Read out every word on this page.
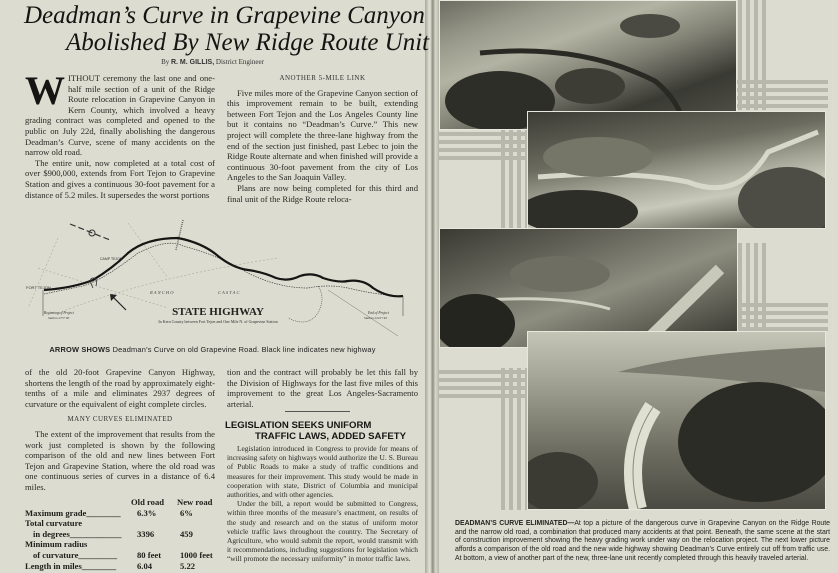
Deadman’s Curve in Grapevine Canyon
Abolished By New Ridge Route Unit
By R. M. GILLIS, District Engineer

WITHOUT ceremony the last one and one-half mile section of a unit of the Ridge Route relocation in Grapevine Canyon in Kern County, which involved a heavy grading contract was completed and opened to the public on July 22d, finally abolishing the dangerous Deadman’s Curve, scene of many accidents on the narrow old road.

The entire unit, now completed at a total cost of over $900,000, extends from Fort Tejon to Grapevine Station and gives a continuous 30-foot pavement for a distance of 5.2 miles. It supersedes the worst portions

ANOTHER 5-MILE LINK

Five miles more of the Grapevine Canyon section of this improvement remain to be built, extending between Fort Tejon and the Los Angeles County line but it contains no “Deadman’s Curve.” This new project will complete the three-lane highway from the end of the section just finished, past Lebec to join the Ridge Route alternate and when finished will provide a continuous 30-foot pavement from the city of Los Angeles to the San Joaquin Valley.

Plans are now being completed for this third and final unit of the Ridge Route reloca-

FORT TEJON
CAMP TEJON
R A N C H O	C A S T A C
Beginning of Project
Station 273+00
End of Project
Station 2210+40
STATE HIGHWAY
In Kern County between Fort Tejon and One Mile N. of Grapevine Station
ARROW SHOWS Deadman’s Curve on old Grapevine Road. Black line indicates new highway

of the old 20-foot Grapevine Canyon Highway, shortens the length of the road by approximately eight-tenths of a mile and eliminates 2937 degrees of curvature or the equivalent of eight complete circles.

MANY CURVES ELIMINATED

The extent of the improvement that results from the work just completed is shown by the following comparison of the old and new lines between Fort Tejon and Grapevine Station, where the old road was one continuous series of curves in a distance of 6.4 miles.

Old road New road
Maximum grade________ 6.3%	6%
Total curvature
in degrees____________ 3396	459
Minimum radius
of curvature_________ 80 feet 1000 feet
Length in miles________ 6.04	5.22

tion and the contract will probably be let this fall by the Division of Highways for the last five miles of this improvement to the great Los Angeles-Sacramento arterial.

LEGISLATION SEEKS UNIFORM
TRAFFIC LAWS, ADDED SAFETY

Legislation introduced in Congress to provide for means of increasing safety on highways would authorize the U. S. Bureau of Public Roads to make a study of traffic conditions and measures for their improvement. This study would be made in cooperation with state, District of Columbia and municipal authorities, and with other agencies.

Under the bill, a report would be submitted to Congress, within three months of the measure’s enactment, on results of the study and research and on the status of uniform motor vehicle traffic laws throughout the country. The Secretary of Agriculture, who would submit the report, would transmit with it recommendations, including suggestions for legislation which “will promote the necessary uniformity” in motor traffic laws.

DEADMAN’S CURVE ELIMINATED—At top a picture of the dangerous curve in Grapevine Canyon on the Ridge Route and the narrow old road, a combination that produced many accidents at that point. Beneath, the same scene at the start of construction improvement showing the heavy grading work under way on the relocation project. The next lower picture affords a comparison of the old road and the new wide highway showing Deadman’s Curve entirely cut off from traffic use. At bottom, a view of another part of the new, three-lane unit recently completed through this heavily traveled arterial.
